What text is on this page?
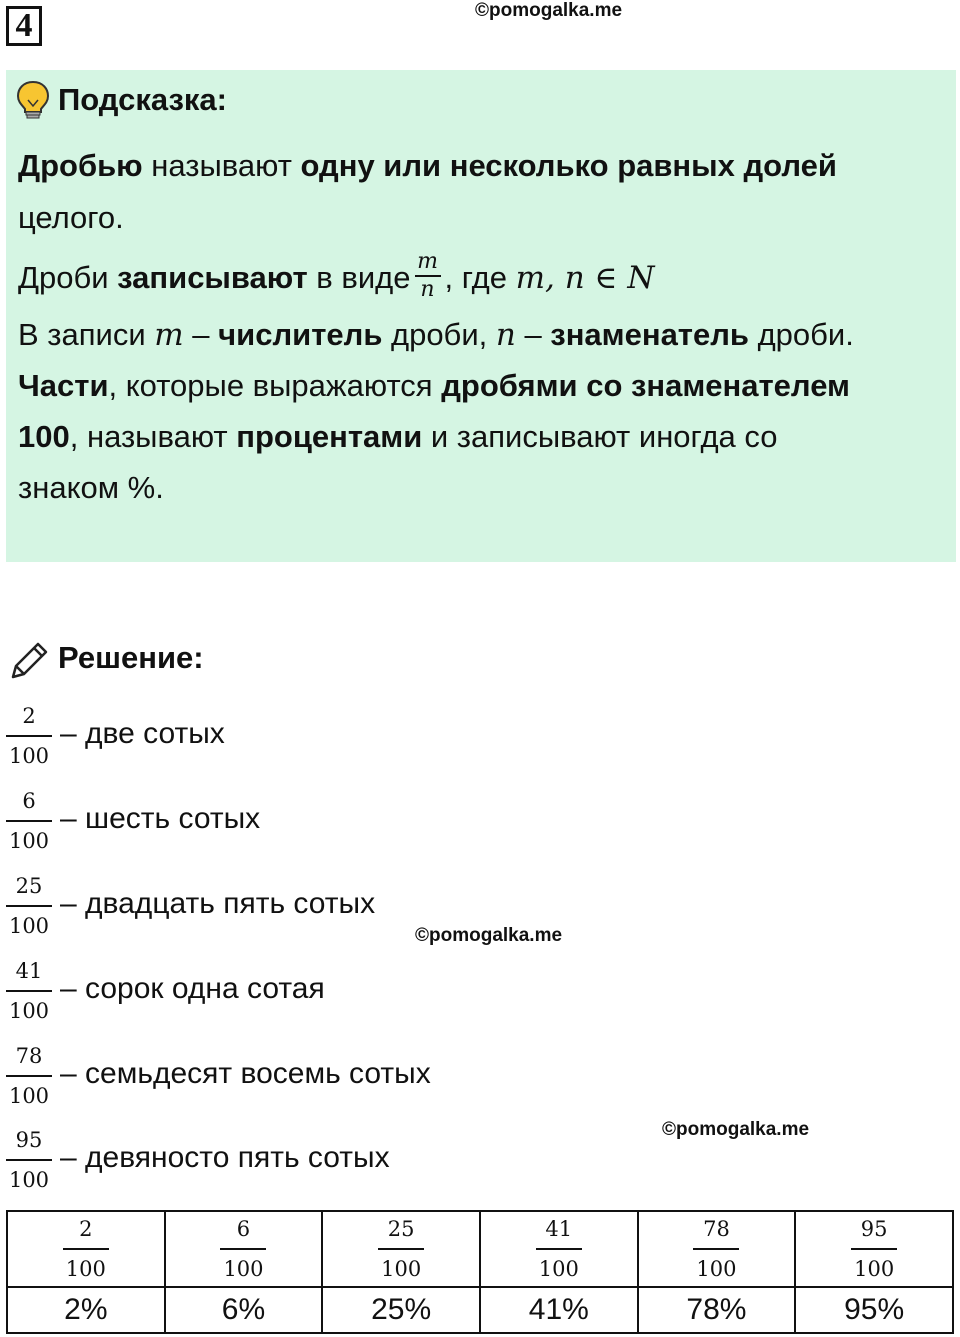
4	©pomogalka.me
Подсказка:
Дробью называют одну или несколько равных долей
целого.
Дроби записывают в виде $\frac{m}{n}$ , где m, n ∈ N
В записи m – числитель дроби, n – знаменатель дроби.
Части, которые выражаются дробями со знаменателем
100, называют процентами и записывают иногда со
знаком %.
Решение:
$\frac{2}{100}$ – две сотых
$\frac{6}{100}$ – шесть сотых
$\frac{25}{100}$ – двадцать пять сотых
©pomogalka.me
$\frac{41}{100}$ – сорок одна сотая
$\frac{78}{100}$ – семьдесят восемь сотых
©pomogalka.me
$\frac{95}{100}$ – девяносто пять сотых
$\frac{2}{100}$	$\frac{6}{100}$	$\frac{25}{100}$	$\frac{41}{100}$	$\frac{78}{100}$	$\frac{95}{100}$

2%	6%	25%	41%	78%	95%
